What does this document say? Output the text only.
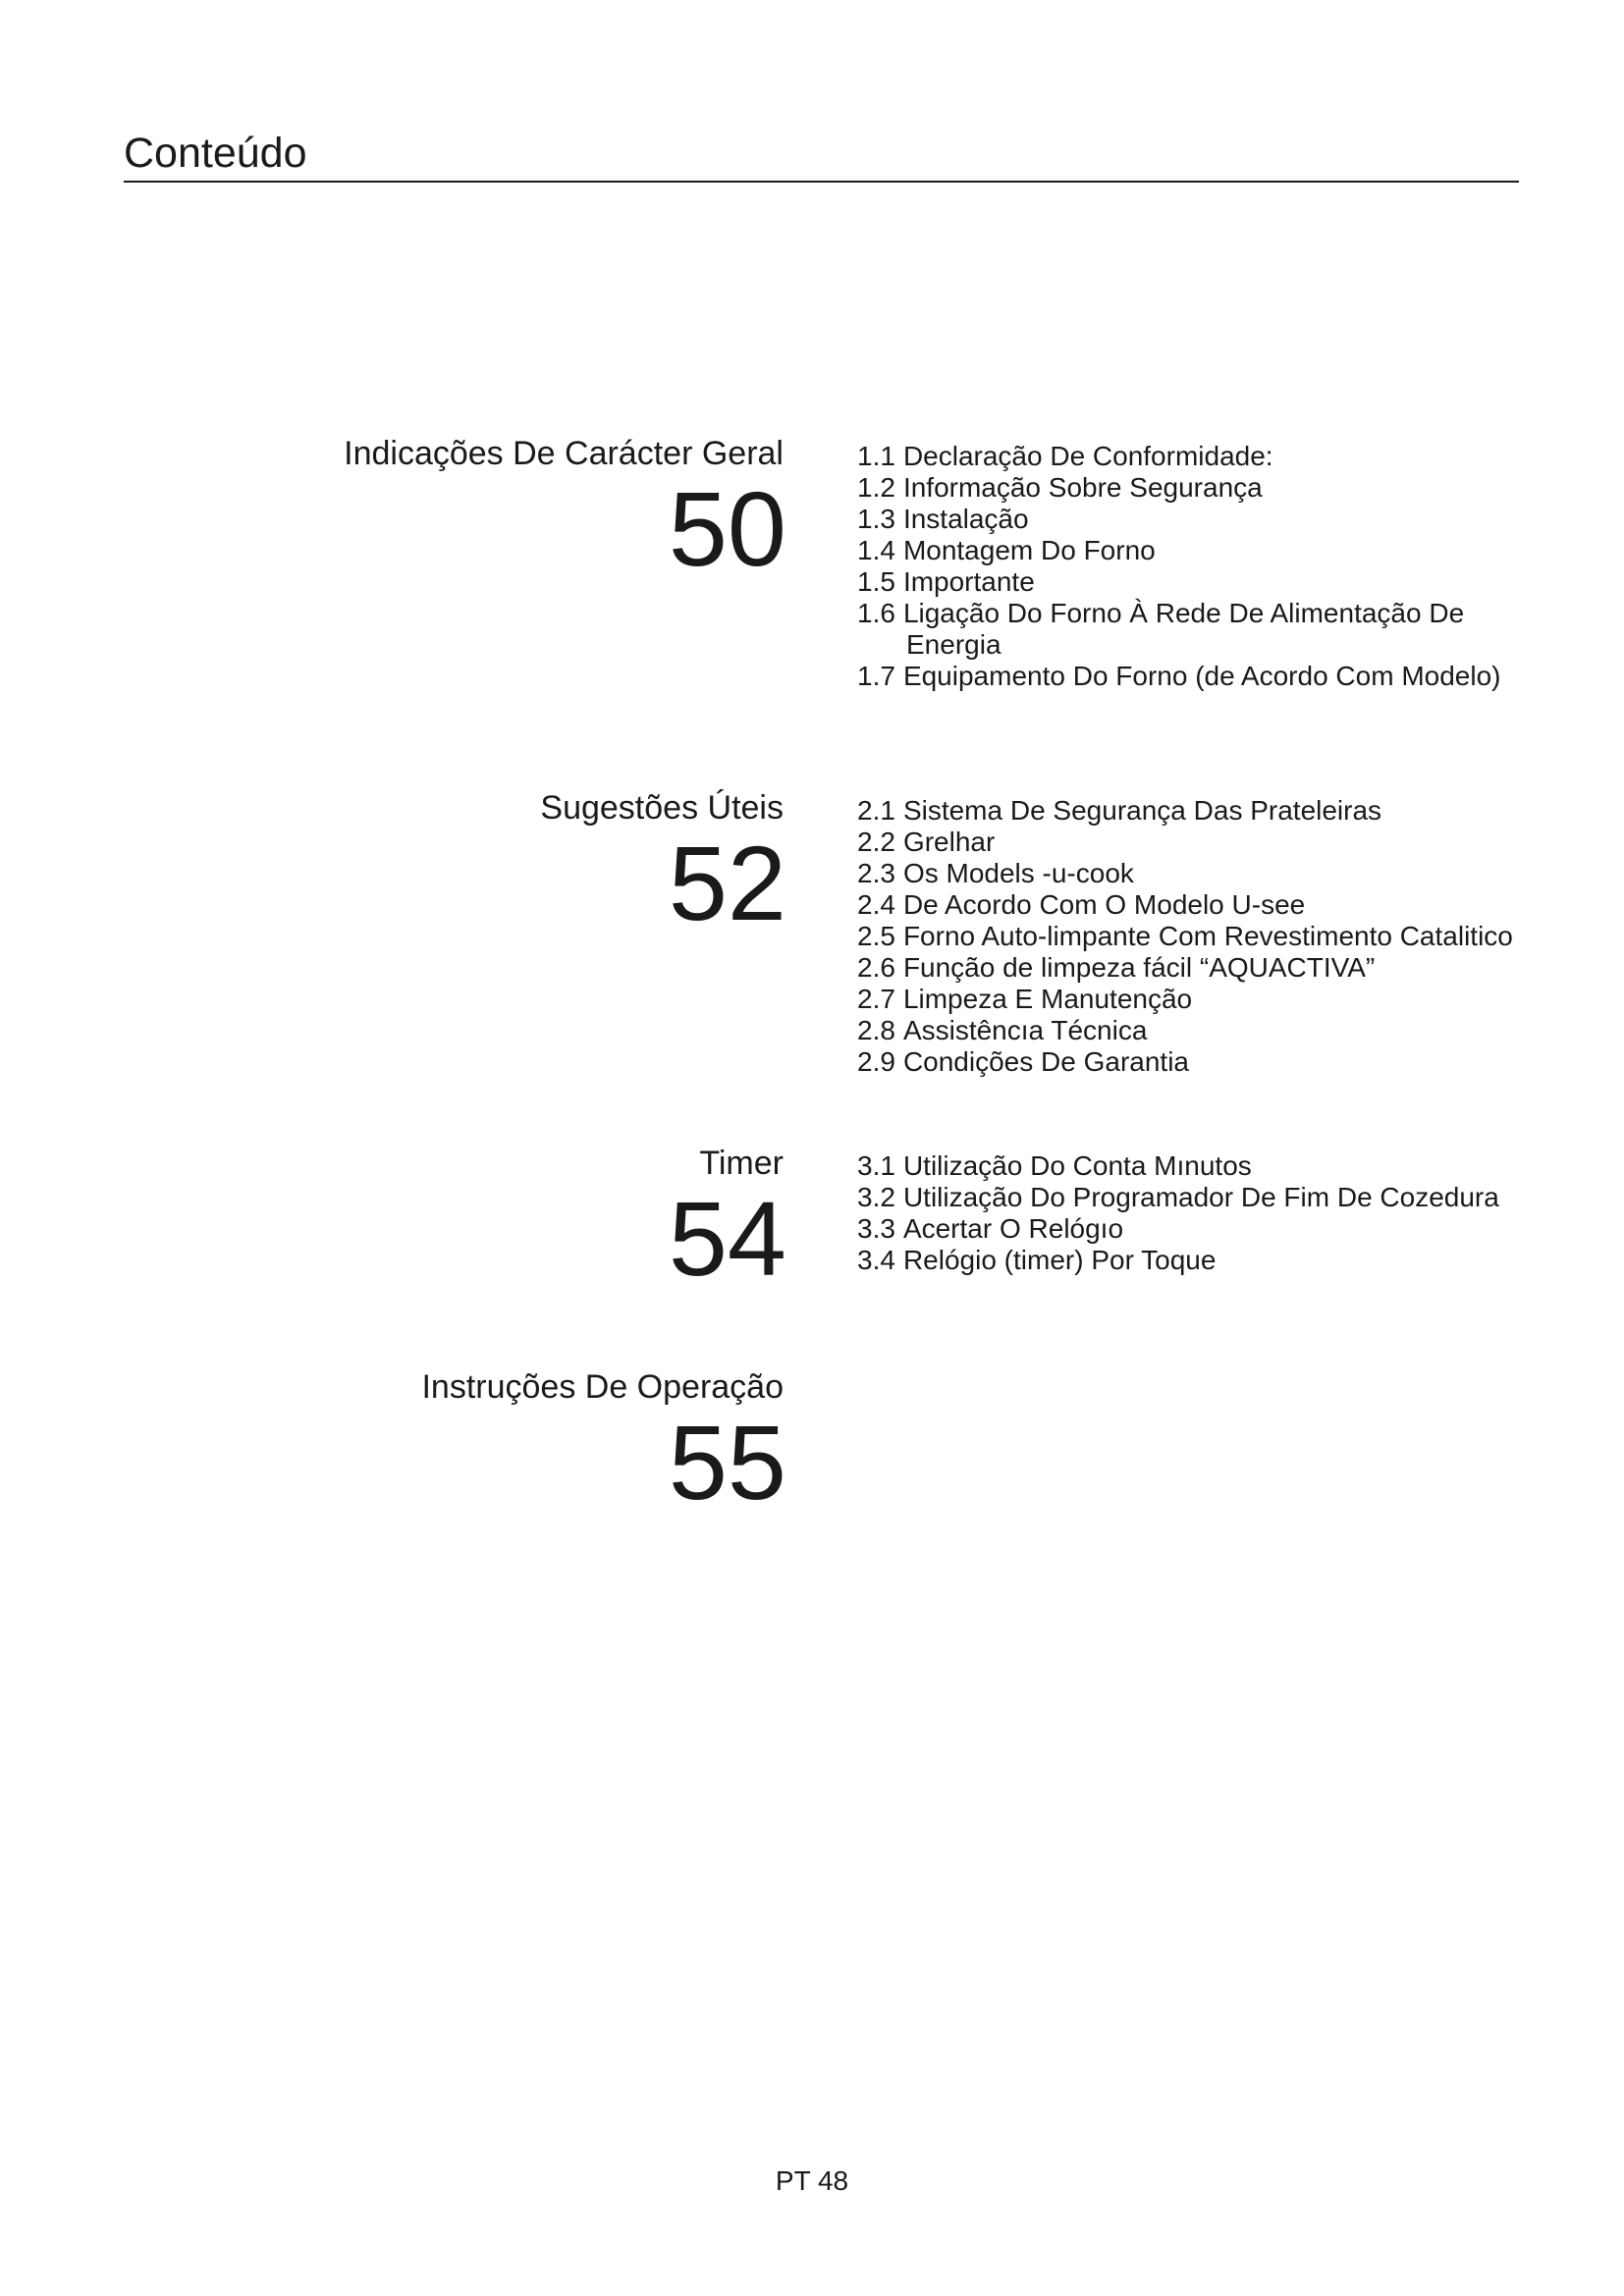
Conteúdo
Indicações De Carácter Geral
50
1.1 Declaração De Conformidade:
1.2 Informação Sobre Segurança
1.3 Instalação
1.4 Montagem Do Forno
1.5 Importante
1.6 Ligação Do Forno À Rede De Alimentação De
Energia
1.7 Equipamento Do Forno (de Acordo Com Modelo)
Sugestões Úteis
52
2.1 Sistema De Segurança Das Prateleiras
2.2 Grelhar
2.3 Os Models -u-cook
2.4 De Acordo Com O Modelo U-see
2.5 Forno Auto-limpante Com Revestimento Catalitico
2.6 Função de limpeza fácil “AQUACTIVA”
2.7 Limpeza E Manutenção
2.8 Assistêncıa Técnica
2.9 Condições De Garantia
Timer
54
3.1 Utilização Do Conta Mınutos
3.2 Utilização Do Programador De Fim De Cozedura
3.3 Acertar O Relógıo
3.4 Relógio (timer) Por Toque
Instruções De Operação
55
PT 48
